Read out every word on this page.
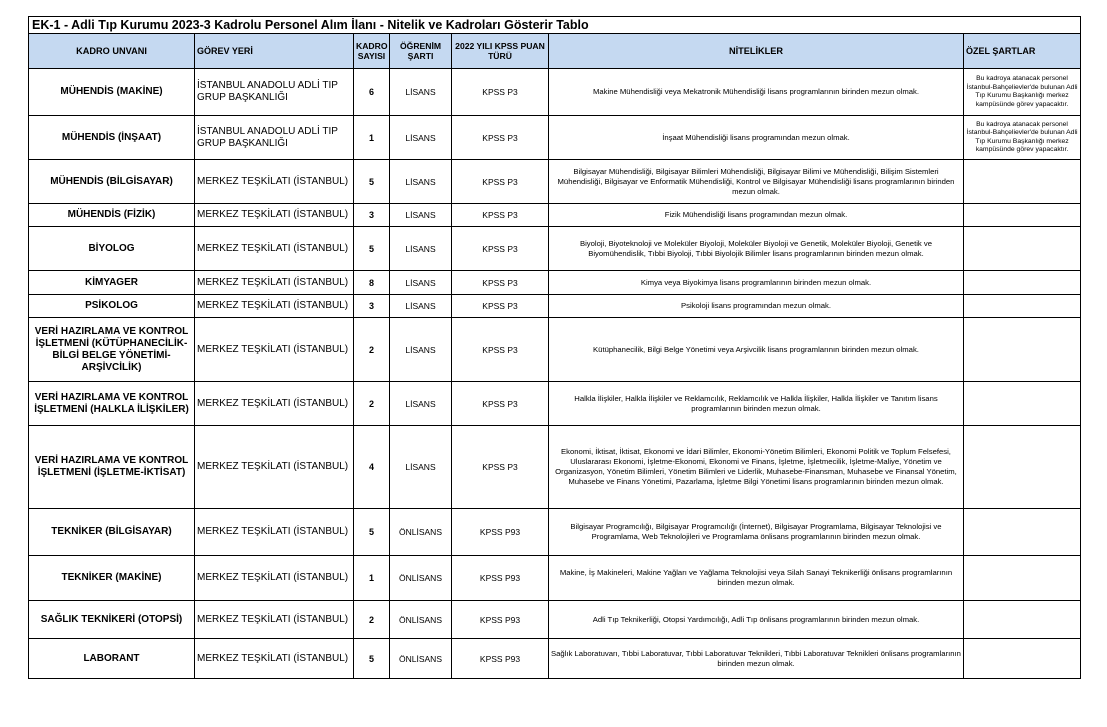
EK-1 - Adli Tıp Kurumu 2023-3 Kadrolu Personel Alım İlanı - Nitelik ve Kadroları Gösterir Tablo						
KADRO UNVANI	GÖREV YERİ	KADRO SAYISI	ÖĞRENİM ŞARTI	2022 YILI KPSS PUAN TÜRÜ	NİTELİKLER	ÖZEL ŞARTLAR
MÜHENDİS (MAKİNE)	İSTANBUL ANADOLU ADLİ TIP GRUP BAŞKANLIĞI	6	LİSANS	KPSS P3	Makine Mühendisliği veya Mekatronik Mühendisliği lisans programlarının birinden mezun olmak.	Bu kadroya atanacak personel İstanbul-Bahçelievler'de bulunan Adli Tıp Kurumu Başkanlığı merkez kampüsünde görev yapacaktır.
MÜHENDİS (İNŞAAT)	İSTANBUL ANADOLU ADLİ TIP GRUP BAŞKANLIĞI	1	LİSANS	KPSS P3	İnşaat Mühendisliği lisans programından mezun olmak.	Bu kadroya atanacak personel İstanbul-Bahçelievler'de bulunan Adli Tıp Kurumu Başkanlığı merkez kampüsünde görev yapacaktır.
MÜHENDİS (BİLGİSAYAR)	MERKEZ TEŞKİLATI (İSTANBUL)	5	LİSANS	KPSS P3	Bilgisayar Mühendisliği, Bilgisayar Bilimleri Mühendisliği, Bilgisayar Bilimi ve Mühendisliği, Bilişim Sistemleri Mühendisliği, Bilgisayar ve Enformatik Mühendisliği, Kontrol ve Bilgisayar Mühendisliği lisans programlarının birinden mezun olmak.	
MÜHENDİS (FİZİK)	MERKEZ TEŞKİLATI (İSTANBUL)	3	LİSANS	KPSS P3	Fizik Mühendisliği lisans programından mezun olmak.	
BİYOLOG	MERKEZ TEŞKİLATI (İSTANBUL)	5	LİSANS	KPSS P3	Biyoloji, Biyoteknoloji ve Moleküler Biyoloji, Moleküler Biyoloji ve Genetik, Moleküler Biyoloji, Genetik ve Biyomühendislik, Tıbbi Biyoloji, Tıbbi Biyolojik Bilimler lisans programlarının birinden mezun olmak.	
KİMYAGER	MERKEZ TEŞKİLATI (İSTANBUL)	8	LİSANS	KPSS P3	Kimya veya Biyokimya lisans programlarının birinden mezun olmak.	
PSİKOLOG	MERKEZ TEŞKİLATI (İSTANBUL)	3	LİSANS	KPSS P3	Psikoloji lisans programından mezun olmak.	
VERİ HAZIRLAMA VE KONTROL İŞLETMENİ (KÜTÜPHANECİLİK-BİLGİ BELGE YÖNETİMİ-ARŞİVCİLİK)	MERKEZ TEŞKİLATI (İSTANBUL)	2	LİSANS	KPSS P3	Kütüphanecilik, Bilgi Belge Yönetimi veya Arşivcilik lisans programlarının birinden mezun olmak.	
VERİ HAZIRLAMA VE KONTROL İŞLETMENİ (HALKLA İLİŞKİLER)	MERKEZ TEŞKİLATI (İSTANBUL)	2	LİSANS	KPSS P3	Halkla İlişkiler, Halkla İlişkiler ve Reklamcılık, Reklamcılık ve Halkla İlişkiler, Halkla İlişkiler ve Tanıtım lisans programlarının birinden mezun olmak.	
VERİ HAZIRLAMA VE KONTROL İŞLETMENİ (İŞLETME-İKTİSAT)	MERKEZ TEŞKİLATI (İSTANBUL)	4	LİSANS	KPSS P3	Ekonomi, İktisat, İktisat, Ekonomi ve İdari Bilimler, Ekonomi-Yönetim Bilimleri, Ekonomi Politik ve Toplum Felsefesi, Uluslararası Ekonomi, İşletme-Ekonomi, Ekonomi ve Finans, İşletme, İşletmecilik, İşletme-Maliye, Yönetim ve Organizasyon, Yönetim Bilimleri, Yönetim Bilimleri ve Liderlik, Muhasebe-Finansman, Muhasebe ve Finansal Yönetim, Muhasebe ve Finans Yönetimi, Pazarlama, İşletme Bilgi Yönetimi lisans programlarının birinden mezun olmak.	
TEKNİKER (BİLGİSAYAR)	MERKEZ TEŞKİLATI (İSTANBUL)	5	ÖNLİSANS	KPSS P93	Bilgisayar Programcılığı, Bilgisayar Programcılığı (İnternet), Bilgisayar Programlama, Bilgisayar Teknolojisi ve Programlama, Web Teknolojileri ve Programlama önlisans programlarının birinden mezun olmak.	
TEKNİKER (MAKİNE)	MERKEZ TEŞKİLATI (İSTANBUL)	1	ÖNLİSANS	KPSS P93	Makine, İş Makineleri, Makine Yağları ve Yağlama Teknolojisi veya Silah Sanayi Teknikerliği önlisans programlarının birinden mezun olmak.	
SAĞLIK TEKNİKERİ (OTOPSİ)	MERKEZ TEŞKİLATI (İSTANBUL)	2	ÖNLİSANS	KPSS P93	Adli Tıp Teknikerliği, Otopsi Yardımcılığı, Adli Tıp önlisans programlarının birinden mezun olmak.	
LABORANT	MERKEZ TEŞKİLATI (İSTANBUL)	5	ÖNLİSANS	KPSS P93	Sağlık Laboratuvarı, Tıbbi Laboratuvar, Tıbbi Laboratuvar Teknikleri, Tıbbi Laboratuvar Teknikleri önlisans programlarının birinden mezun olmak.	
